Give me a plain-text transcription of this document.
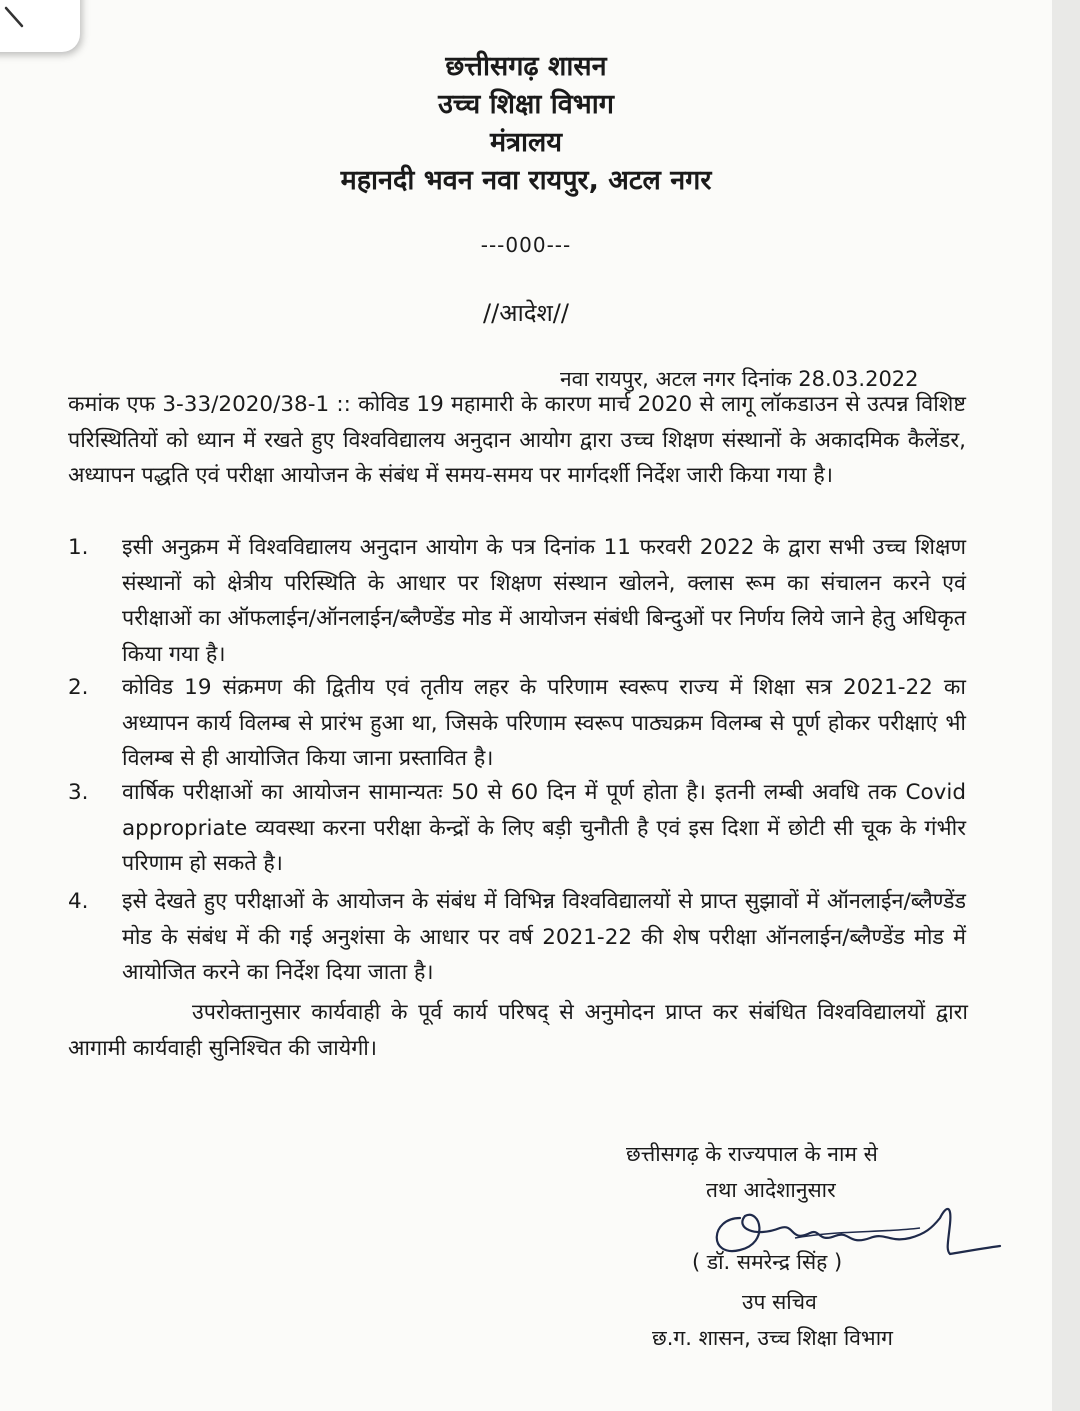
छत्तीसगढ़ शासन
उच्च शिक्षा विभाग
मंत्रालय
महानदी भवन नवा रायपुर, अटल नगर
---000---
//आदेश//
नवा रायपुर, अटल नगर दिनांक 28.03.2022
कमांक एफ 3-33/2020/38-1 :: कोविड 19 महामारी के कारण मार्च 2020 से लागू लॉकडाउन से उत्पन्न विशिष्ट परिस्थितियों को ध्यान में रखते हुए विश्वविद्यालय अनुदान आयोग द्वारा उच्च शिक्षण संस्थानों के अकादमिक कैलेंडर, अध्यापन पद्धति एवं परीक्षा आयोजन के संबंध में समय-समय पर मार्गदर्शी निर्देश जारी किया गया है।
1.	इसी अनुक्रम में विश्वविद्यालय अनुदान आयोग के पत्र दिनांक 11 फरवरी 2022 के द्वारा सभी उच्च शिक्षण संस्थानों को क्षेत्रीय परिस्थिति के आधार पर शिक्षण संस्थान खोलने, क्लास रूम का संचालन करने एवं परीक्षाओं का ऑफलाईन/ऑनलाईन/ब्लैण्डेंड मोड में आयोजन संबंधी बिन्दुओं पर निर्णय लिये जाने हेतु अधिकृत किया गया है।
2.	कोविड 19 संक्रमण की द्वितीय एवं तृतीय लहर के परिणाम स्वरूप राज्य में शिक्षा सत्र 2021-22 का अध्यापन कार्य विलम्ब से प्रारंभ हुआ था, जिसके परिणाम स्वरूप पाठ्यक्रम विलम्ब से पूर्ण होकर परीक्षाएं भी विलम्ब से ही आयोजित किया जाना प्रस्तावित है।
3.	वार्षिक परीक्षाओं का आयोजन सामान्यतः 50 से 60 दिन में पूर्ण होता है। इतनी लम्बी अवधि तक Covid appropriate व्यवस्था करना परीक्षा केन्द्रों के लिए बड़ी चुनौती है एवं इस दिशा में छोटी सी चूक के गंभीर परिणाम हो सकते है।
4.	इसे देखते हुए परीक्षाओं के आयोजन के संबंध में विभिन्न विश्वविद्यालयों से प्राप्त सुझावों में ऑनलाईन/ब्लैण्डेंड मोड के संबंध में की गई अनुशंसा के आधार पर वर्ष 2021-22 की शेष परीक्षा ऑनलाईन/ब्लैण्डेंड मोड में आयोजित करने का निर्देश दिया जाता है।
उपरोक्तानुसार कार्यवाही के पूर्व कार्य परिषद् से अनुमोदन प्राप्त कर संबंधित विश्वविद्यालयों द्वारा आगामी कार्यवाही सुनिश्चित की जायेगी।
छत्तीसगढ़ के राज्यपाल के नाम से
तथा आदेशानुसार
( डॉ. समरेन्द्र सिंह )
उप सचिव
छ.ग. शासन, उच्च शिक्षा विभाग
